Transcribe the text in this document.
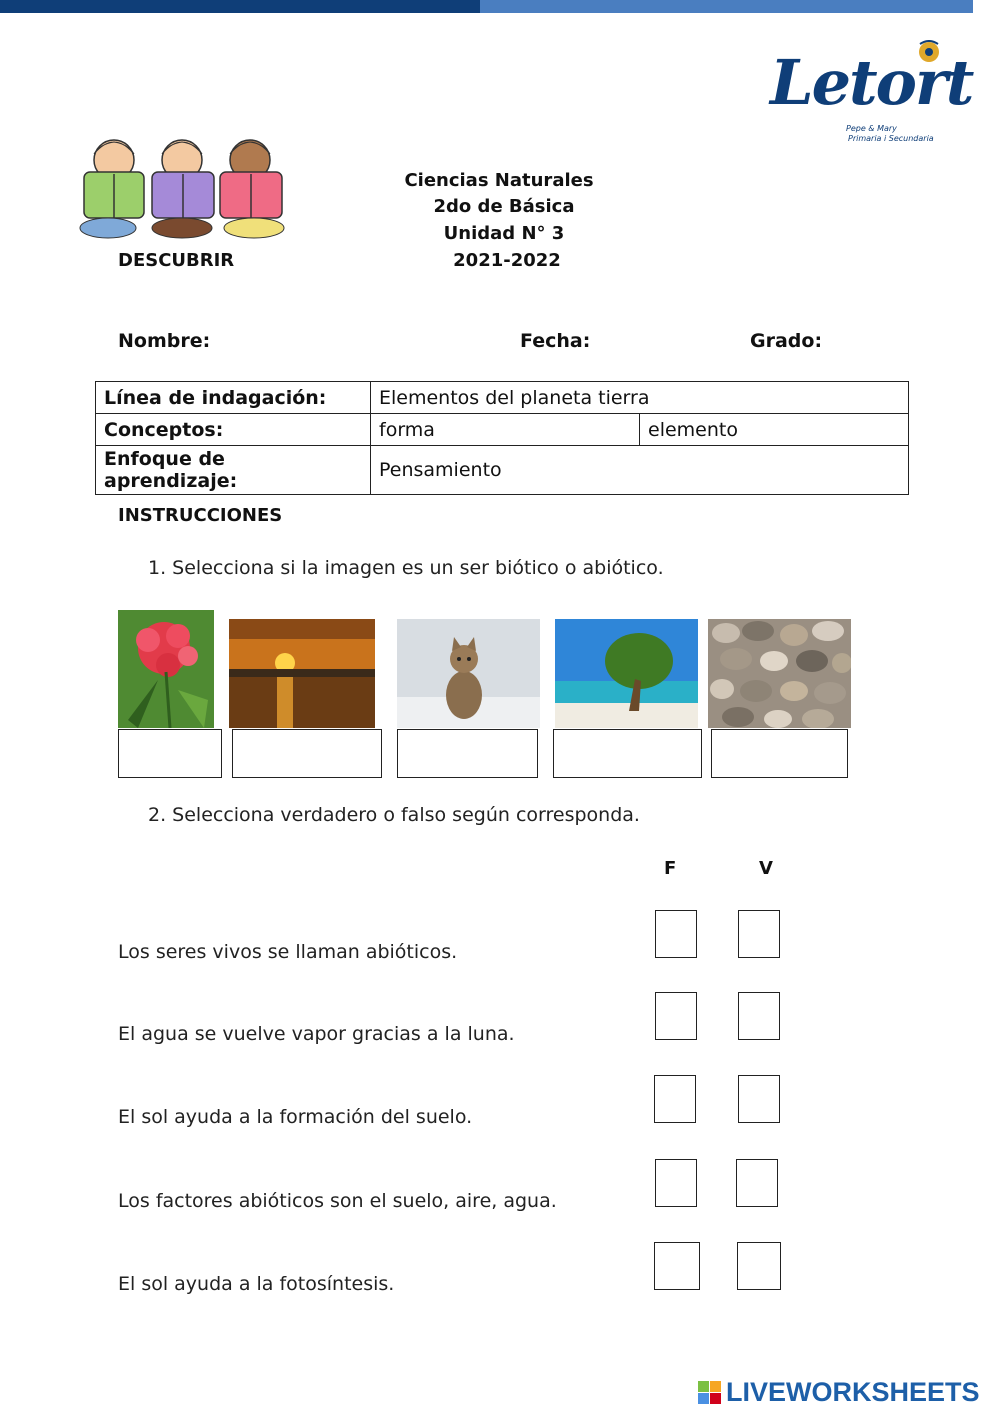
Letort
Pepe & Mary
Primaria i Secundaria
Ciencias Naturales
2do de Básica
Unidad N° 3
2021-2022
DESCUBRIR
Nombre:	Fecha:	Grado:
Línea de indagación:	Elementos del planeta tierra	
Conceptos:	forma	elemento
Enfoque de aprendizaje:	Pensamiento	
INSTRUCCIONES
1. Selecciona si la imagen es un ser biótico o abiótico.
2. Selecciona verdadero o falso según corresponda.
F	V
Los seres vivos se llaman abióticos.
El agua se vuelve vapor gracias a la luna.
El sol ayuda a la formación del suelo.
Los factores abióticos son el suelo, aire, agua.
El sol ayuda a la fotosíntesis.
LIVEWORKSHEETS
